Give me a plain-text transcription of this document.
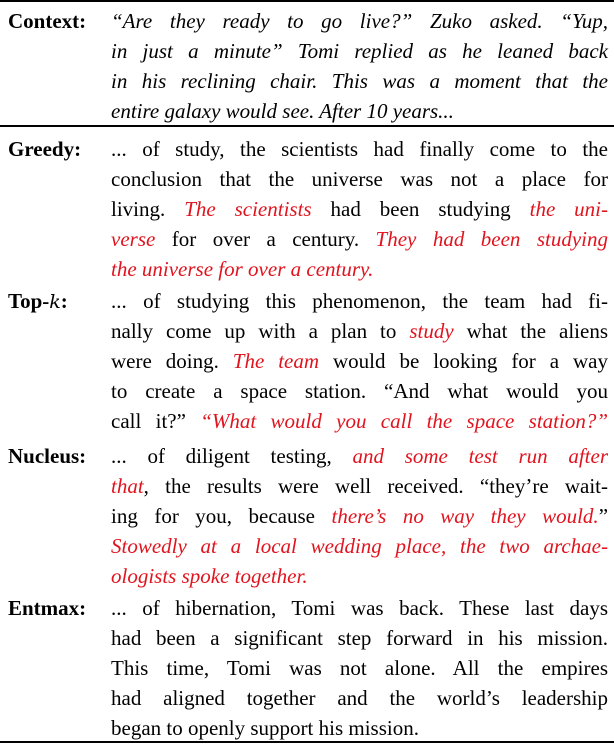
Context: “Are they ready to go live?” Zuko asked. “Yup,
in just a minute” Tomi replied as he leaned back
in his reclining chair. This was a moment that the
entire galaxy would see. After 10 years...
Greedy: ... of study, the scientists had finally come to the
conclusion that the universe was not a place for
living. The scientists had been studying the uni-
verse for over a century. They had been studying
the universe for over a century.
Top-k: ... of studying this phenomenon, the team had fi-
nally come up with a plan to study what the aliens
were doing. The team would be looking for a way
to create a space station. “And what would you
call it?” “What would you call the space station?”
Nucleus: ... of diligent testing, and some test run after
that, the results were well received. “they’re wait-
ing for you, because there’s no way they would.”
Stowedly at a local wedding place, the two archae-
ologists spoke together.
Entmax: ... of hibernation, Tomi was back. These last days
had been a significant step forward in his mission.
This time, Tomi was not alone. All the empires
had aligned together and the world’s leadership
began to openly support his mission.
